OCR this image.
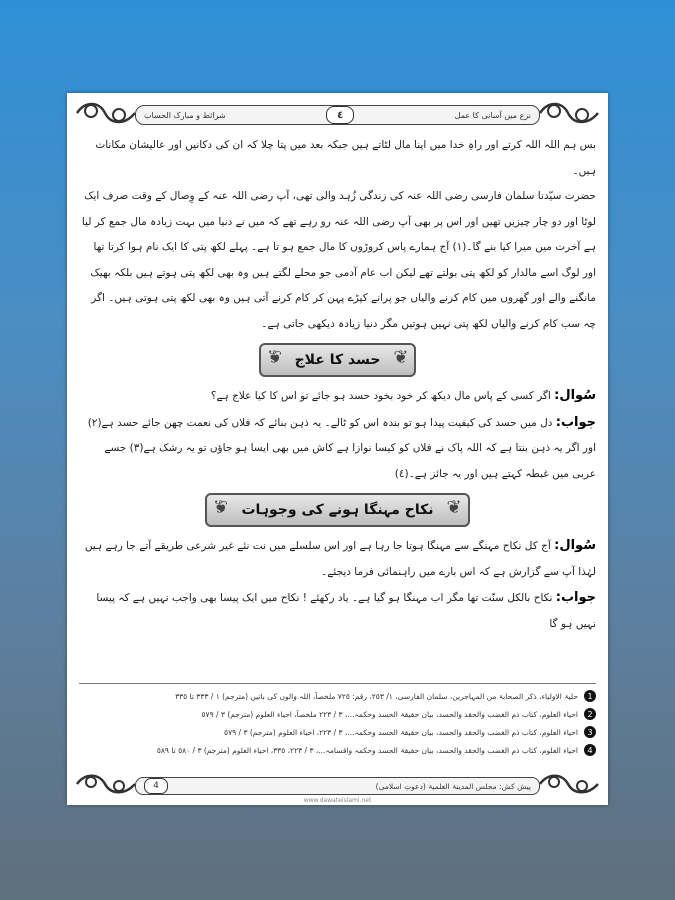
شرائط و مبارک الحساب	٤	نزع میں آسانی کا عمل

بس ہم اللہ اللہ کرتے اور راہِ خدا میں اپنا مال لٹاتے ہیں جبکہ بعد میں پتا چلا کہ ان کی دکانیں اور عالیشان مکانات ہیں۔

حضرت سیّدنا سلمان فارسی رضی اللہ عنہ کی زندگی زُہد والی تھی، آپ رضی اللہ عنہ کے وِصال کے وقت صرف ایک لوٹا اور دو چار چیزیں تھیں اور اس پر بھی آپ رضی اللہ عنہ رو رہے تھے کہ میں نے دنیا میں بہت زیادہ مال جمع کر لیا ہے آخرت میں میرا کیا بنے گا۔(١) آج ہمارے پاس کروڑوں کا مال جمع ہو تا ہے۔ پہلے لکھ پتی کا ایک نام ہوا کرتا تھا اور لوگ اسے مالدار کو لکھ پتی بولتے تھے لیکن اب عام آدمی جو محلے لگتے ہیں وہ بھی لکھ پتی ہوتے ہیں بلکہ بھیک مانگنے والے اور گھروں میں کام کرنے والیاں جو پرانے کپڑے پہن کر کام کرنے آتی ہیں وہ بھی لکھ پتی ہوتی ہیں۔ اگر چہ سب کام کرنے والیاں لکھ پتی نہیں ہوتیں مگر دنیا زیادہ دیکھی جاتی ہے۔

❦ حسد کا علاج ❦

سُوال: اگر کسی کے پاس مال دیکھ کر خود بخود حسد ہو جائے تو اس کا کیا علاج ہے؟

جواب: دل میں حسد کی کیفیت پیدا ہو تو بندہ اس کو ٹالے۔ یہ ذہن بنائے کہ فلاں کی نعمت چھن جائے حسد ہے(٢) اور اگر یہ ذہن بنتا ہے کہ اللہ پاک نے فلاں کو کیسا نوازا ہے کاش میں بھی ایسا ہو جاؤں تو یہ رشک ہے(٣) جسے عربی میں غبطہ کہتے ہیں اور یہ جائز ہے۔(٤)

❦ نکاح مہنگا ہونے کی وجوہات ❦

سُوال: آج کل نکاح مہنگے سے مہنگا ہوتا جا رہا ہے اور اس سلسلے میں نت نئے غیر شرعی طریقے آتے جا رہے ہیں لہٰذا آپ سے گزارش ہے کہ اس بارے میں راہنمائی فرما دیجئے۔

جواب: نکاح بالکل سنّت تھا مگر اب مہنگا ہو گیا ہے۔ یاد رکھئے ! نکاح میں ایک پیسا بھی واجب نہیں ہے کہ پیسا نہیں ہو گا

1
حلیۃ الاولیاء، ذکر الصحابۃ من المہاجرین، سلمان الفارسی، ١/ ٢٥٣، رقم: ٧٢٥ ملخصاً، اللہ والوں کی باتیں (مترجم) ١ / ٣٣٣ تا ٣٣٥
2
احیاء العلوم، کتاب ذم الغضب والحقد والحسد، بیان حقیقۃ الحسد وحکمہ...، ٣ / ٢٢٣ ملخصاً، احیاء العلوم (مترجم) ٣ / ٥٧٩
3
احیاء العلوم، کتاب ذم الغضب والحقد والحسد، بیان حقیقۃ الحسد وحکمہ...، ٣ / ٢٢٣، احیاء العلوم (مترجم) ٣ / ٥٧٩
4
احیاء العلوم، کتاب ذم الغضب والحقد والحسد، بیان حقیقۃ الحسد وحکمہ واقسامہ...، ٣ / ٢٢٣، ٣٣٥، احیاء العلوم (مترجم) ٣ / ٥٨٠ تا ٥٨٩
4	پیش کش: مجلس المدینۃ العلمیۃ (دعوتِ اسلامی)
www.dawateislami.net
